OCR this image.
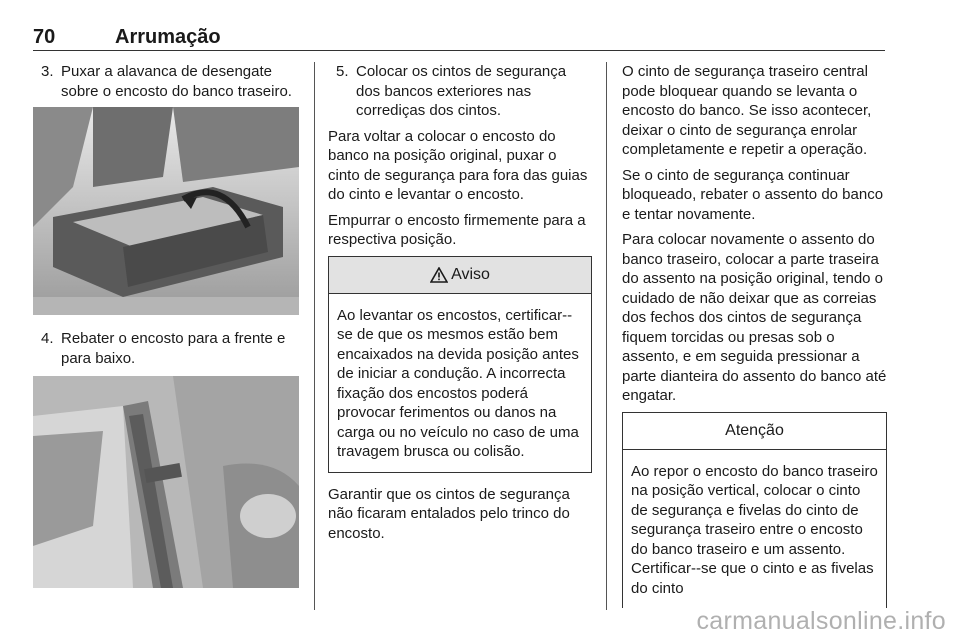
70	Arrumação
3. Puxar a alavanca de desengate sobre o encosto do banco traseiro.
4. Rebater o encosto para a frente e para baixo.
5. Colocar os cintos de segurança dos bancos exteriores nas corrediças dos cintos.

Para voltar a colocar o encosto do banco na posição original, puxar o cinto de segurança para fora das guias do cinto e levantar o encosto.

Empurrar o encosto firmemente para a respectiva posição.

Aviso
Ao levantar os encostos, certificar--se de que os mesmos estão bem encaixados na devida posição antes de iniciar a condução. A incorrecta fixação dos encostos poderá provocar ferimentos ou danos na carga ou no veículo no caso de uma travagem brusca ou colisão.

Garantir que os cintos de segurança não ficaram entalados pelo trinco do encosto.

O cinto de segurança traseiro central pode bloquear quando se levanta o encosto do banco. Se isso acontecer, deixar o cinto de segurança enrolar completamente e repetir a operação.

Se o cinto de segurança continuar bloqueado, rebater o assento do banco e tentar novamente.

Para colocar novamente o assento do banco traseiro, colocar a parte traseira do assento na posição original, tendo o cuidado de não deixar que as correias dos fechos dos cintos de segurança fiquem torcidas ou presas sob o assento, e em seguida pressionar a parte dianteira do assento do banco até engatar.

Atenção
Ao repor o encosto do banco traseiro na posição vertical, colocar o cinto de segurança e fivelas do cinto de segurança traseiro entre o encosto do banco traseiro e um assento. Certificar--se que o cinto e as fivelas do cinto
carmanualsonline.info
